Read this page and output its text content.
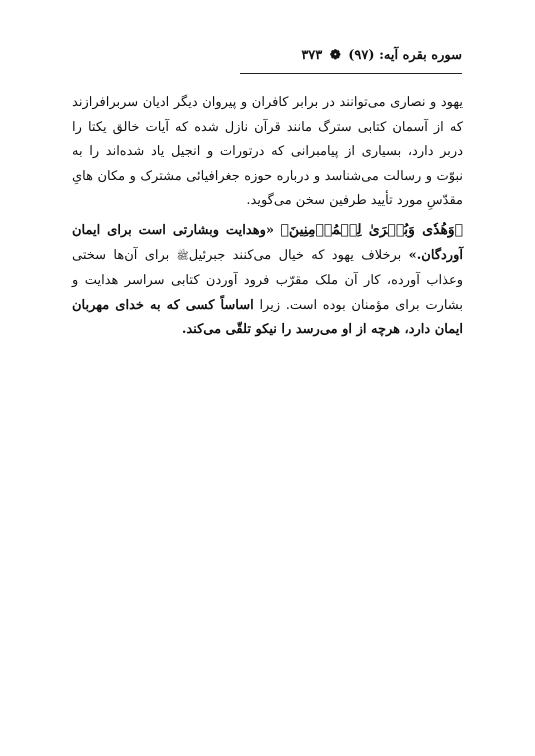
سوره بقره آیه: (۹۷) ❁ ۳۷۳

یهود و نصاری می‌توانند در برابر کافران و پیروان دیگر ادیان سربرافرازند که از آسمان کتابی سترگ مانند قرآن نازل شده که آیات خالق یکتا را دربر دارد، بسیاری از پیامبرانی که درتورات و انجیل یاد شده‌اند را به نبوّت و رسالت می‌شناسد و درباره حوزه جغرافیائی مشترک و مکان هایِ مقدّسِ مورد تأیید طرفین سخن می‌گوید.

﴿وَهُدٗى وَبُشۡرَىٰ لِلۡمُؤۡمِنِينَ﴾ «وهدایت وبشارتی است برای ایمان آوردگان.» برخلاف یهود که خیال می‌کنند جبرئیلﷺ برای آن‌ها سختی وعذاب آورده، کار آن ملک مقرّب فرود آوردن کتابی سراسر هدایت و بشارت برای مؤمنان بوده است. زیرا اساساً کسی که به خدای مهربان ایمان دارد، هرچه از او می‌رسد را نیکو تلقّی می‌کند.
